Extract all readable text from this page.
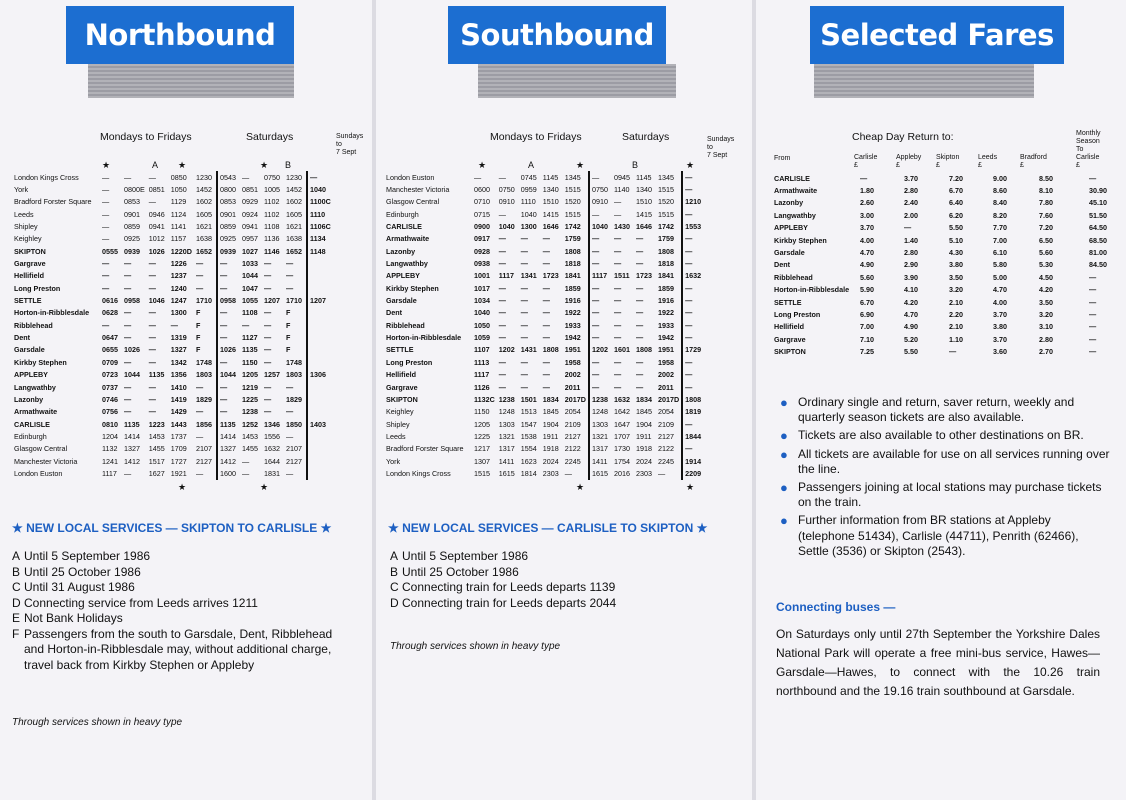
Northbound
Mondays to Fridays	Saturdays	Sundays
to
7 Sept
★	A ★	★ B
London Kings Cross	—	—	—	0850	1230	0543	—	0750	1230	—
York	—	0800E	0851	1050	1452	0800	0851	1005	1452	1040
Bradford Forster Square	—	0853	—	1129	1602	0853	0929	1102	1602	1100C
Leeds	—	0901	0946	1124	1605	0901	0924	1102	1605	1110
Shipley	—	0859	0941	1141	1621	0859	0941	1108	1621	1106C
Keighley	—	0925	1012	1157	1638	0925	0957	1136	1638	1134
SKIPTON	0555	0939	1026	1220D	1652	0939	1027	1146	1652	1148
Gargrave	—	—	—	1226	—	—	1033	—	—	
Hellifield	—	—	—	1237	—	—	1044	—	—	
Long Preston	—	—	—	1240	—	—	1047	—	—	
SETTLE	0616	0958	1046	1247	1710	0958	1055	1207	1710	1207
Horton-in-Ribblesdale	0628	—	—	1300	F	—	1108	—	F	
Ribblehead	—	—	—	—	F	—	—	—	F	
Dent	0647	—	—	1319	F	—	1127	—	F	
Garsdale	0655	1026	—	1327	F	1026	1135	—	F	
Kirkby Stephen	0709	—	—	1342	1748	—	1150	—	1748	
APPLEBY	0723	1044	1135	1356	1803	1044	1205	1257	1803	1306
Langwathby	0737	—	—	1410	—	—	1219	—	—	
Lazonby	0746	—	—	1419	1829	—	1225	—	1829	
Armathwaite	0756	—	—	1429	—	—	1238	—	—	
CARLISLE	0810	1135	1223	1443	1856	1135	1252	1346	1850	1403
Edinburgh	1204	1414	1453	1737	—	1414	1453	1556	—	
Glasgow Central	1132	1327	1455	1709	2107	1327	1455	1632	2107	
Manchester Victoria	1241	1412	1517	1727	2127	1412	—	1644	2127	
London Euston	1117	—	1627	1921	—	1600	—	1831	—	
★	★
★ NEW LOCAL SERVICES — SKIPTON TO CARLISLE ★
A Until 5 September 1986
B Until 25 October 1986
C Until 31 August 1986
D Connecting service from Leeds arrives 1211
E Not Bank Holidays
F Passengers from the south to Garsdale, Dent, Ribblehead and Horton-in-Ribblesdale may, without additional charge, travel back from Kirkby Stephen or Appleby
Through services shown in heavy type
Southbound
Mondays to Fridays	Saturdays	Sundays
to
7 Sept
★	A	★	B	★
London Euston	—	—	0745	1145	1345	—	0945	1145	1345	—
Manchester Victoria	0600	0750	0959	1340	1515	0750	1140	1340	1515	—
Glasgow Central	0710	0910	1110	1510	1520	0910	—	1510	1520	1210
Edinburgh	0715	—	1040	1415	1515	—	—	1415	1515	—
CARLISLE	0900	1040	1300	1646	1742	1040	1430	1646	1742	1553
Armathwaite	0917	—	—	—	1759	—	—	—	1759	—
Lazonby	0928	—	—	—	1808	—	—	—	1808	—
Langwathby	0938	—	—	—	1818	—	—	—	1818	—
APPLEBY	1001	1117	1341	1723	1841	1117	1511	1723	1841	1632
Kirkby Stephen	1017	—	—	—	1859	—	—	—	1859	—
Garsdale	1034	—	—	—	1916	—	—	—	1916	—
Dent	1040	—	—	—	1922	—	—	—	1922	—
Ribblehead	1050	—	—	—	1933	—	—	—	1933	—
Horton-in-Ribblesdale	1059	—	—	—	1942	—	—	—	1942	—
SETTLE	1107	1202	1431	1808	1951	1202	1601	1808	1951	1729
Long Preston	1113	—	—	—	1958	—	—	—	1958	—
Hellifield	1117	—	—	—	2002	—	—	—	2002	—
Gargrave	1126	—	—	—	2011	—	—	—	2011	—
SKIPTON	1132C	1238	1501	1834	2017D	1238	1632	1834	2017D	1808
Keighley	1150	1248	1513	1845	2054	1248	1642	1845	2054	1819
Shipley	1205	1303	1547	1904	2109	1303	1647	1904	2109	—
Leeds	1225	1321	1538	1911	2127	1321	1707	1911	2127	1844
Bradford Forster Square	1217	1317	1554	1918	2122	1317	1730	1918	2122	—
York	1307	1411	1623	2024	2245	1411	1754	2024	2245	1914
London Kings Cross	1515	1615	1814	2303	—	1615	2016	2303	—	2209
★	★
★ NEW LOCAL SERVICES — CARLISLE TO SKIPTON ★
A Until 5 September 1986
B Until 25 October 1986
C Connecting train for Leeds departs 1139
D Connecting train for Leeds departs 2044
Through services shown in heavy type
Selected Fares
Cheap Day Return to:	Monthly
Season
To
Carlisle
£
From	Carlisle
£
Appleby
£
Skipton
£
Leeds
£
Bradford
£
CARLISLE	—	3.70	7.20	9.00	8.50	—
Armathwaite	1.80	2.80	6.70	8.60	8.10	30.90
Lazonby	2.60	2.40	6.40	8.40	7.80	45.10
Langwathby	3.00	2.00	6.20	8.20	7.60	51.50
APPLEBY	3.70	—	5.50	7.70	7.20	64.50
Kirkby Stephen	4.00	1.40	5.10	7.00	6.50	68.50
Garsdale	4.70	2.80	4.30	6.10	5.60	81.00
Dent	4.90	2.90	3.80	5.80	5.30	84.50
Ribblehead	5.60	3.90	3.50	5.00	4.50	—
Horton-in-Ribblesdale	5.90	4.10	3.20	4.70	4.20	—
SETTLE	6.70	4.20	2.10	4.00	3.50	—
Long Preston	6.90	4.70	2.20	3.70	3.20	—
Hellifield	7.00	4.90	2.10	3.80	3.10	—
Gargrave	7.10	5.20	1.10	3.70	2.80	—
SKIPTON	7.25	5.50	—	3.60	2.70	—
● Ordinary single and return, saver return, weekly and quarterly season tickets are also available.
● Tickets are also available to other destinations on BR.
● All tickets are available for use on all services running over the line.
● Passengers joining at local stations may purchase tickets on the train.
● Further information from BR stations at Appleby (telephone 51434), Carlisle (44711), Penrith (62466), Settle (3536) or Skipton (2543).
Connecting buses —
On Saturdays only until 27th September the Yorkshire Dales National Park will operate a free mini-bus service, Hawes—Garsdale—Hawes, to connect with the 10.26 train northbound and the 19.16 train southbound at Garsdale.
